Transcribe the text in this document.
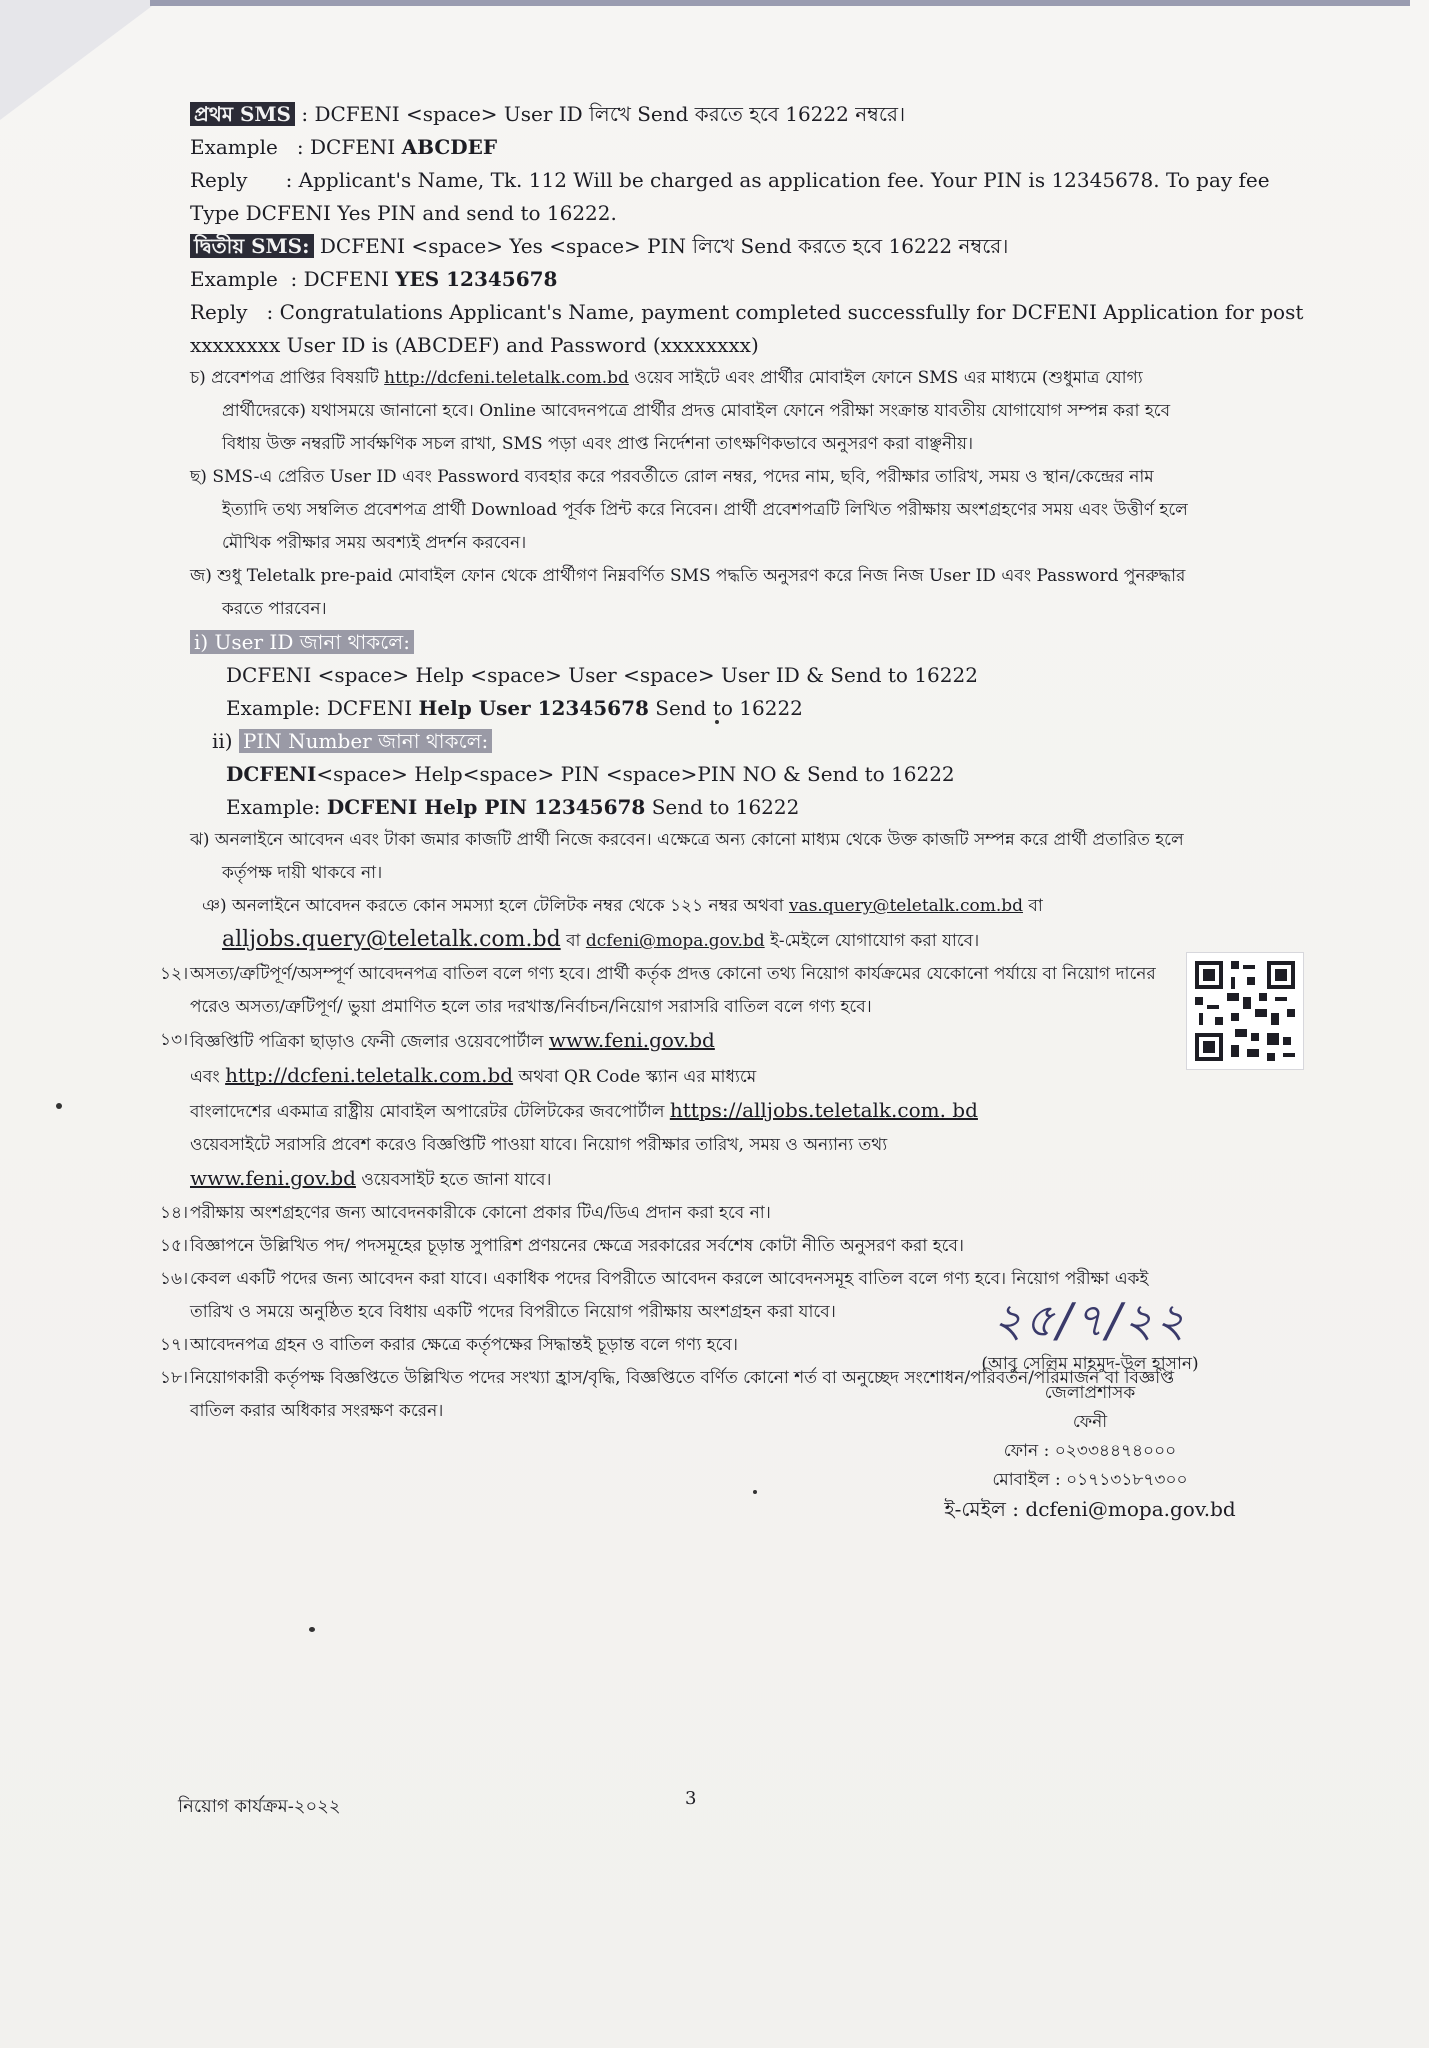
প্রথম SMS : DCFENI <space> User ID লিখে Send করতে হবে 16222 নম্বরে।
Example : DCFENI ABCDEF
Reply : Applicant's Name, Tk. 112 Will be charged as application fee. Your PIN is 12345678. To pay fee
Type DCFENI Yes PIN and send to 16222.
দ্বিতীয় SMS: DCFENI <space> Yes <space> PIN লিখে Send করতে হবে 16222 নম্বরে।
Example : DCFENI YES 12345678
Reply : Congratulations Applicant's Name, payment completed successfully for DCFENI Application for post
xxxxxxxx User ID is (ABCDEF) and Password (xxxxxxxx)
চ) প্রবেশপত্র প্রাপ্তির বিষয়টি http://dcfeni.teletalk.com.bd ওয়েব সাইটে এবং প্রার্থীর মোবাইল ফোনে SMS এর মাধ্যমে (শুধুমাত্র যোগ্য
প্রার্থীদেরকে) যথাসময়ে জানানো হবে। Online আবেদনপত্রে প্রার্থীর প্রদত্ত মোবাইল ফোনে পরীক্ষা সংক্রান্ত যাবতীয় যোগাযোগ সম্পন্ন করা হবে
বিধায় উক্ত নম্বরটি সার্বক্ষণিক সচল রাখা, SMS পড়া এবং প্রাপ্ত নির্দেশনা তাৎক্ষণিকভাবে অনুসরণ করা বাঞ্ছনীয়।
ছ) SMS-এ প্রেরিত User ID এবং Password ব্যবহার করে পরবর্তীতে রোল নম্বর, পদের নাম, ছবি, পরীক্ষার তারিখ, সময় ও স্থান/কেন্দ্রের নাম
ইত্যাদি তথ্য সম্বলিত প্রবেশপত্র প্রার্থী Download পূর্বক প্রিন্ট করে নিবেন। প্রার্থী প্রবেশপত্রটি লিখিত পরীক্ষায় অংশগ্রহণের সময় এবং উত্তীর্ণ হলে
মৌখিক পরীক্ষার সময় অবশ্যই প্রদর্শন করবেন।
জ) শুধু Teletalk pre-paid মোবাইল ফোন থেকে প্রার্থীগণ নিম্নবর্ণিত SMS পদ্ধতি অনুসরণ করে নিজ নিজ User ID এবং Password পুনরুদ্ধার
করতে পারবেন।
i) User ID জানা থাকলে:
DCFENI <space> Help <space> User <space> User ID & Send to 16222
Example: DCFENI Help User 12345678 Send to 16222
ii) PIN Number জানা থাকলে:
DCFENI<space> Help<space> PIN <space>PIN NO & Send to 16222
Example: DCFENI Help PIN 12345678 Send to 16222
ঝ) অনলাইনে আবেদন এবং টাকা জমার কাজটি প্রার্থী নিজে করবেন। এক্ষেত্রে অন্য কোনো মাধ্যম থেকে উক্ত কাজটি সম্পন্ন করে প্রার্থী প্রতারিত হলে
কর্তৃপক্ষ দায়ী থাকবে না।
ঞ) অনলাইনে আবেদন করতে কোন সমস্যা হলে টেলিটক নম্বর থেকে ১২১ নম্বর অথবা vas.query@teletalk.com.bd বা
alljobs.query@teletalk.com.bd বা dcfeni@mopa.gov.bd ই-মেইলে যোগাযোগ করা যাবে।
১২। অসত্য/ত্রুটিপূর্ণ/অসম্পূর্ণ আবেদনপত্র বাতিল বলে গণ্য হবে। প্রার্থী কর্তৃক প্রদত্ত কোনো তথ্য নিয়োগ কার্যক্রমের যেকোনো পর্যায়ে বা নিয়োগ দানের
পরেও অসত্য/ত্রুটিপূর্ণ/ ভুয়া প্রমাণিত হলে তার দরখাস্ত/নির্বাচন/নিয়োগ সরাসরি বাতিল বলে গণ্য হবে।
১৩। বিজ্ঞপ্তিটি পত্রিকা ছাড়াও ফেনী জেলার ওয়েবপোর্টাল www.feni.gov.bd
এবং http://dcfeni.teletalk.com.bd অথবা QR Code স্ক্যান এর মাধ্যমে
বাংলাদেশের একমাত্র রাষ্ট্রীয় মোবাইল অপারেটর টেলিটকের জবপোর্টাল https://alljobs.teletalk.com. bd
ওয়েবসাইটে সরাসরি প্রবেশ করেও বিজ্ঞপ্তিটি পাওয়া যাবে। নিয়োগ পরীক্ষার তারিখ, সময় ও অন্যান্য তথ্য
www.feni.gov.bd ওয়েবসাইট হতে জানা যাবে।
১৪। পরীক্ষায় অংশগ্রহণের জন্য আবেদনকারীকে কোনো প্রকার টিএ/ডিএ প্রদান করা হবে না।
১৫। বিজ্ঞাপনে উল্লিখিত পদ/ পদসমূহের চূড়ান্ত সুপারিশ প্রণয়নের ক্ষেত্রে সরকারের সর্বশেষ কোটা নীতি অনুসরণ করা হবে।
১৬। কেবল একটি পদের জন্য আবেদন করা যাবে। একাধিক পদের বিপরীতে আবেদন করলে আবেদনসমূহ বাতিল বলে গণ্য হবে। নিয়োগ পরীক্ষা একই
তারিখ ও সময়ে অনুষ্ঠিত হবে বিধায় একটি পদের বিপরীতে নিয়োগ পরীক্ষায় অংশগ্রহন করা যাবে।
১৭। আবেদনপত্র গ্রহন ও বাতিল করার ক্ষেত্রে কর্তৃপক্ষের সিদ্ধান্তই চূড়ান্ত বলে গণ্য হবে।
১৮। নিয়োগকারী কর্তৃপক্ষ বিজ্ঞপ্তিতে উল্লিখিত পদের সংখ্যা হ্রাস/বৃদ্ধি, বিজ্ঞপ্তিতে বর্ণিত কোনো শর্ত বা অনুচ্ছেদ সংশোধন/পরিবর্তন/পরিমার্জন বা বিজ্ঞপ্তি
বাতিল করার অধিকার সংরক্ষণ করেন।
২৫/৭/২২
(আবু সেলিম মাহমুদ-উল হাসান)
জেলাপ্রশাসক
ফেনী
ফোন : ০২৩৩৪৪৭৪০০০
মোবাইল : ০১৭১৩১৮৭৩০০
ই-মেইল : dcfeni@mopa.gov.bd
নিয়োগ কার্যক্রম-২০২২	3
